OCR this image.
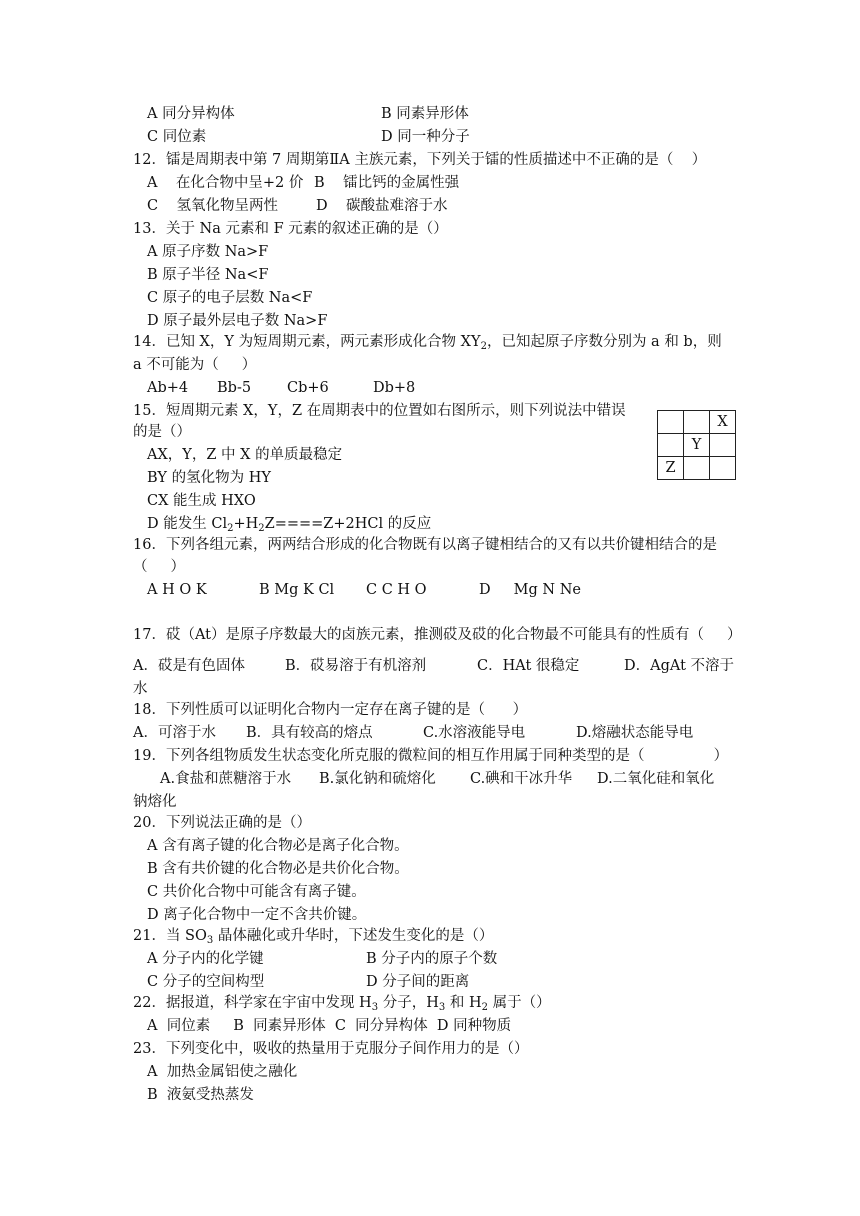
A 同分异构体	B 同素异形体
C 同位素	D 同一种分子
12．镭是周期表中第 7 周期第ⅡA 主族元素，下列关于镭的性质描述中不正确的是（    ）
A    在化合物中呈+2 价 B    镭比钙的金属性强
C    氢氧化物呈两性	D    碳酸盐难溶于水
13．关于 Na 元素和 F 元素的叙述正确的是（）
A 原子序数 Na>F
B 原子半径 Na<F
C 原子的电子层数 Na<F
D 原子最外层电子数 Na>F
14．已知 X，Y 为短周期元素，两元素形成化合物 $XY_2$，已知起原子序数分别为 a 和 b，则
a 不可能为（     ）
Ab+4 Bb-5 Cb+6	Db+8
15．短周期元素 X，Y，Z 在周期表中的位置如右图所示，则下列说法中错误
的是（）
AX，Y，Z 中 X 的单质最稳定
BY 的氢化物为 HY
CX 能生成 HXO
D 能发生 $Cl_2+H_2Z====Z+2HCl$ 的反应
		X
	Y	
Z		
16．下列各组元素，两两结合形成的化合物既有以离子键相结合的又有以共价键相结合的是
（     ）
A H O K	B Mg K Cl C C H O	D     Mg N Ne
17．砹（At）是原子序数最大的卤族元素，推测砹及砹的化合物最不可能具有的性质有（     ）
A．砹是有色固体	B．砹易溶于有机溶剂	C．HAt 很稳定	D．AgAt 不溶于
水
18．下列性质可以证明化合物内一定存在离子键的是（      ）
A．可溶于水 B．具有较高的熔点	C.水溶液能导电	D.熔融状态能导电
19．下列各组物质发生状态变化所克服的微粒间的相互作用属于同种类型的是（               ）
A.食盐和蔗糖溶于水 B.氯化钠和硫熔化 C.碘和干冰升华 D.二氧化硅和氧化
钠熔化
20．下列说法正确的是（）
A 含有离子键的化合物必是离子化合物。
B 含有共价键的化合物必是共价化合物。
C 共价化合物中可能含有离子键。
D 离子化合物中一定不含共价键。
21．当 $SO_3$ 晶体融化或升华时，下述发生变化的是（）
A 分子内的化学键	B 分子内的原子个数
C 分子的空间构型	D 分子间的距离
22．据报道，科学家在宇宙中发现 $H_3$ 分子，$H_3$ 和 $H_2$ 属于（）
A  同位素     B  同素异形体  C  同分异构体  D 同种物质
23．下列变化中，吸收的热量用于克服分子间作用力的是（）
A  加热金属铝使之融化
B  液氨受热蒸发
